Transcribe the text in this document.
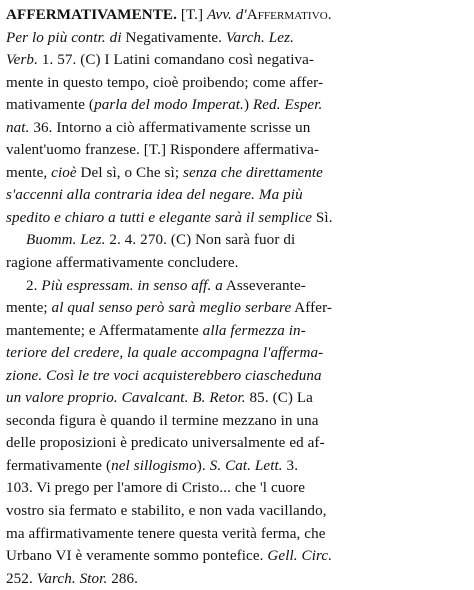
AFFERMATIVAMENTE. [T.] Avv. d'Affermativo.
Per lo più contr. di Negativamente. Varch. Lez.
Verb. 1. 57. (C) I Latini comandano così negativa-
mente in questo tempo, cioè proibendo; come affer-
mativamente (parla del modo Imperat.) Red. Esper.
nat. 36. Intorno a ciò affermativamente scrisse un
valent'uomo franzese. [T.] Rispondere affermativa-
mente, cioè Del sì, o Che sì; senza che direttamente
s'accenni alla contraria idea del negare. Ma più
spedito e chiaro a tutti e elegante sarà il semplice Sì.
Buomm. Lez. 2. 4. 270. (C) Non sarà fuor di
ragione affermativamente concludere.
2. Più espressam. in senso aff. a Asseverante-
mente; al qual senso però sarà meglio serbare Affer-
mantemente; e Affermatamente alla fermezza in-
teriore del credere, la quale accompagna l'afferma-
zione. Così le tre voci acquisterebbero ciascheduna
un valore proprio. Cavalcant. B. Retor. 85. (C) La
seconda figura è quando il termine mezzano in una
delle proposizioni è predicato universalmente ed af-
fermativamente (nel sillogismo). S. Cat. Lett. 3.
103. Vi prego per l'amore di Cristo... che 'l cuore
vostro sia fermato e stabilito, e non vada vacillando,
ma affirmativamente tenere questa verità ferma, che
Urbano VI è veramente sommo pontefice. Gell. Circ.
252. Varch. Stor. 286.
